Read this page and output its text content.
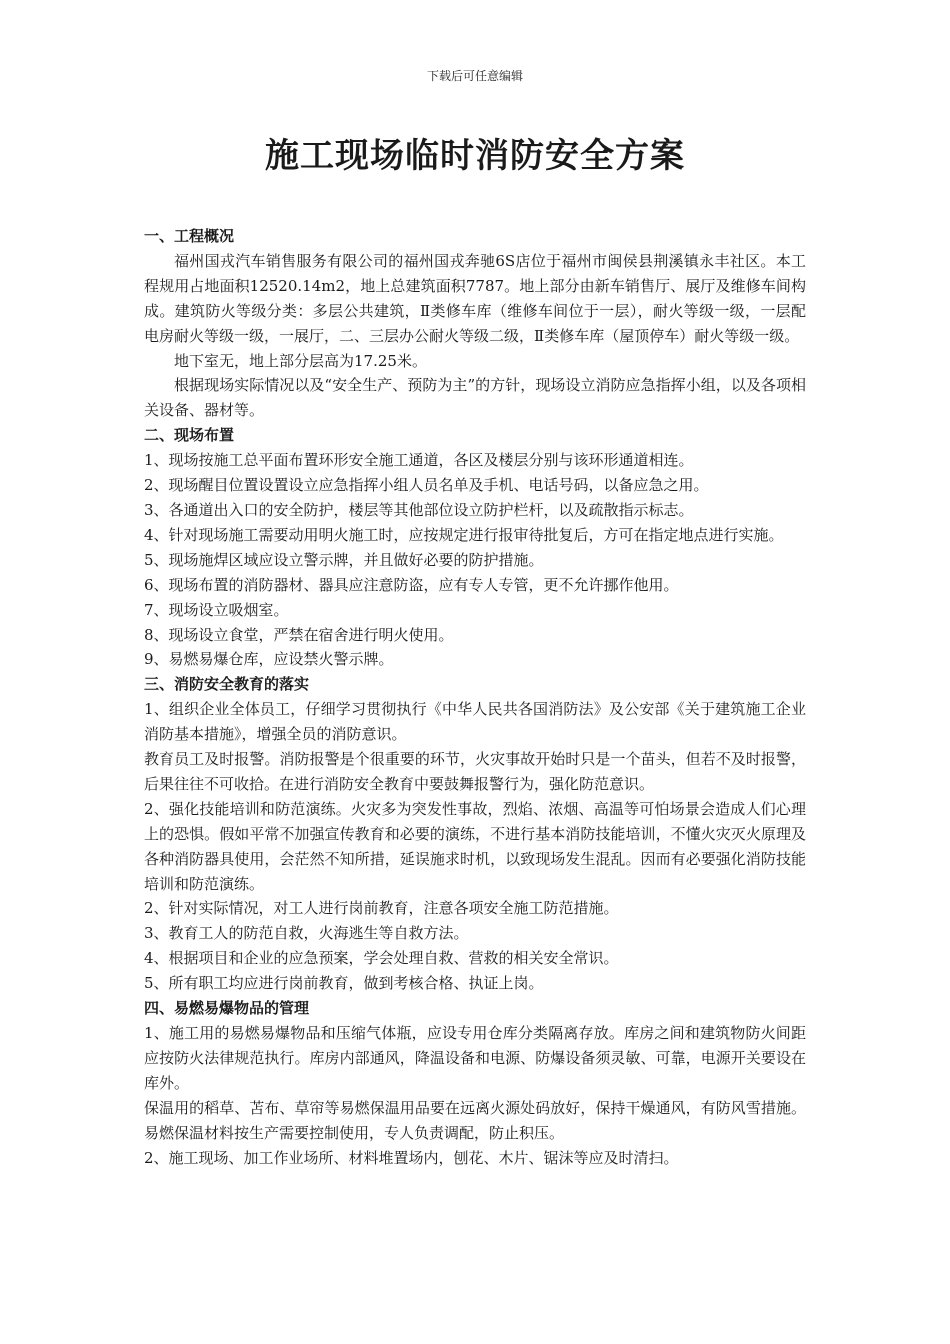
下载后可任意编辑
施工现场临时消防安全方案
一、工程概况

福州国戎汽车销售服务有限公司的福州国戎奔驰6S店位于福州市闽侯县荆溪镇永丰社区。本工程规用占地面积12520.14m2，地上总建筑面积7787。地上部分由新车销售厅、展厅及维修车间构成。建筑防火等级分类：多层公共建筑，Ⅱ类修车库（维修车间位于一层），耐火等级一级，一层配电房耐火等级一级，一展厅，二、三层办公耐火等级二级，Ⅱ类修车库（屋顶停车）耐火等级一级。

地下室无，地上部分层高为17.25米。

根据现场实际情况以及“安全生产、预防为主”的方针，现场设立消防应急指挥小组，以及各项相关设备、器材等。

二、现场布置

1、现场按施工总平面布置环形安全施工通道，各区及楼层分别与该环形通道相连。

2、现场醒目位置设置设立应急指挥小组人员名单及手机、电话号码，以备应急之用。

3、各通道出入口的安全防护，楼层等其他部位设立防护栏杆，以及疏散指示标志。

4、针对现场施工需要动用明火施工时，应按规定进行报审待批复后，方可在指定地点进行实施。

5、现场施焊区域应设立警示牌，并且做好必要的防护措施。

6、现场布置的消防器材、器具应注意防盗，应有专人专管，更不允许挪作他用。

7、现场设立吸烟室。

8、现场设立食堂，严禁在宿舍进行明火使用。

9、易燃易爆仓库，应设禁火警示牌。

三、消防安全教育的落实

1、组织企业全体员工，仔细学习贯彻执行《中华人民共各国消防法》及公安部《关于建筑施工企业消防基本措施》，增强全员的消防意识。

教育员工及时报警。消防报警是个很重要的环节，火灾事故开始时只是一个苗头，但若不及时报警，后果往往不可收拾。在进行消防安全教育中要鼓舞报警行为，强化防范意识。

2、强化技能培训和防范演练。火灾多为突发性事故，烈焰、浓烟、高温等可怕场景会造成人们心理上的恐惧。假如平常不加强宣传教育和必要的演练，不进行基本消防技能培训，不懂火灾灭火原理及各种消防器具使用，会茫然不知所措，延误施求时机，以致现场发生混乱。因而有必要强化消防技能培训和防范演练。

2、针对实际情况，对工人进行岗前教育，注意各项安全施工防范措施。

3、教育工人的防范自救，火海逃生等自救方法。

4、根据项目和企业的应急预案，学会处理自救、营救的相关安全常识。

5、所有职工均应进行岗前教育，做到考核合格、执证上岗。

四、易燃易爆物品的管理

1、施工用的易燃易爆物品和压缩气体瓶，应设专用仓库分类隔离存放。库房之间和建筑物防火间距应按防火法律规范执行。库房内部通风，降温设备和电源、防爆设备须灵敏、可靠，电源开关要设在库外。

保温用的稻草、苫布、草帘等易燃保温用品要在远离火源处码放好，保持干燥通风，有防风雪措施。易燃保温材料按生产需要控制使用，专人负责调配，防止积压。

2、施工现场、加工作业场所、材料堆置场内，刨花、木片、锯沫等应及时清扫。
